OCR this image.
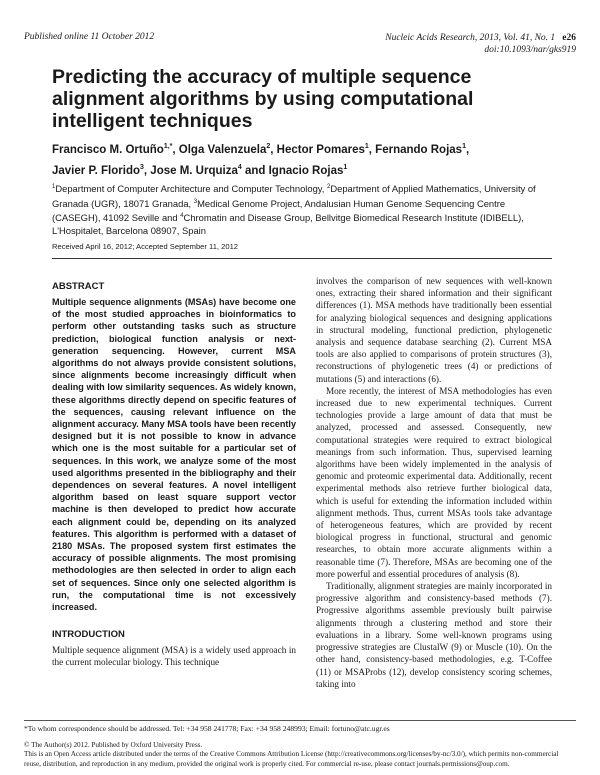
Published online 11 October 2012	Nucleic Acids Research, 2013, Vol. 41, No. 1 e26
doi:10.1093/nar/gks919
Predicting the accuracy of multiple sequence alignment algorithms by using computational intelligent techniques
Francisco M. Ortuño$^{1,*}$, Olga Valenzuela$^2$, Hector Pomares$^1$, Fernando Rojas$^1$,
Javier P. Florido$^3$, Jose M. Urquiza$^4$ and Ignacio Rojas$^1$
$^1$Department of Computer Architecture and Computer Technology, $^2$Department of Applied Mathematics, University of Granada (UGR), 18071 Granada, $^3$Medical Genome Project, Andalusian Human Genome Sequencing Centre (CASEGH), 41092 Seville and $^4$Chromatin and Disease Group, Bellvitge Biomedical Research Institute (IDIBELL), L'Hospitalet, Barcelona 08907, Spain
Received April 16, 2012; Accepted September 11, 2012
ABSTRACT
Multiple sequence alignments (MSAs) have become one of the most studied approaches in bioinformatics to perform other outstanding tasks such as structure prediction, biological function analysis or next-generation sequencing. However, current MSA algorithms do not always provide consistent solutions, since alignments become increasingly difficult when dealing with low similarity sequences. As widely known, these algorithms directly depend on specific features of the sequences, causing relevant influence on the alignment accuracy. Many MSA tools have been recently designed but it is not possible to know in advance which one is the most suitable for a particular set of sequences. In this work, we analyze some of the most used algorithms presented in the bibliography and their dependences on several features. A novel intelligent algorithm based on least square support vector machine is then developed to predict how accurate each alignment could be, depending on its analyzed features. This algorithm is performed with a dataset of 2180 MSAs. The proposed system first estimates the accuracy of possible alignments. The most promising methodologies are then selected in order to align each set of sequences. Since only one selected algorithm is run, the computational time is not excessively increased.
INTRODUCTION
Multiple sequence alignment (MSA) is a widely used approach in the current molecular biology. This technique

involves the comparison of new sequences with well-known ones, extracting their shared information and their significant differences (1). MSA methods have traditionally been essential for analyzing biological sequences and designing applications in structural modeling, functional prediction, phylogenetic analysis and sequence database searching (2). Current MSA tools are also applied to comparisons of protein structures (3), reconstructions of phylogenetic trees (4) or predictions of mutations (5) and interactions (6).

More recently, the interest of MSA methodologies has even increased due to new experimental techniques. Current technologies provide a large amount of data that must be analyzed, processed and assessed. Consequently, new computational strategies were required to extract biological meanings from such information. Thus, supervised learning algorithms have been widely implemented in the analysis of genomic and proteomic experimental data. Additionally, recent experimental methods also retrieve further biological data, which is useful for extending the information included within alignment methods. Thus, current MSAs tools take advantage of heterogeneous features, which are provided by recent biological progress in functional, structural and genomic researches, to obtain more accurate alignments within a reasonable time (7). Therefore, MSAs are becoming one of the more powerful and essential procedures of analysis (8).

Traditionally, alignment strategies are mainly incorporated in progressive algorithm and consistency-based methods (7). Progressive algorithms assemble previously built pairwise alignments through a clustering method and store their evaluations in a library. Some well-known programs using progressive strategies are ClustalW (9) or Muscle (10). On the other hand, consistency-based methodologies, e.g. T-Coffee (11) or MSAProbs (12), develop consistency scoring schemes, taking into

*To whom correspondence should be addressed. Tel: +34 958 241778; Fax: +34 958 248993; Email: fortuno@atc.ugr.es
© The Author(s) 2012. Published by Oxford University Press.
This is an Open Access article distributed under the terms of the Creative Commons Attribution License (http://creativecommons.org/licenses/by-nc/3.0/), which permits non-commercial reuse, distribution, and reproduction in any medium, provided the original work is properly cited. For commercial re-use, please contact journals.permissions@oup.com.
